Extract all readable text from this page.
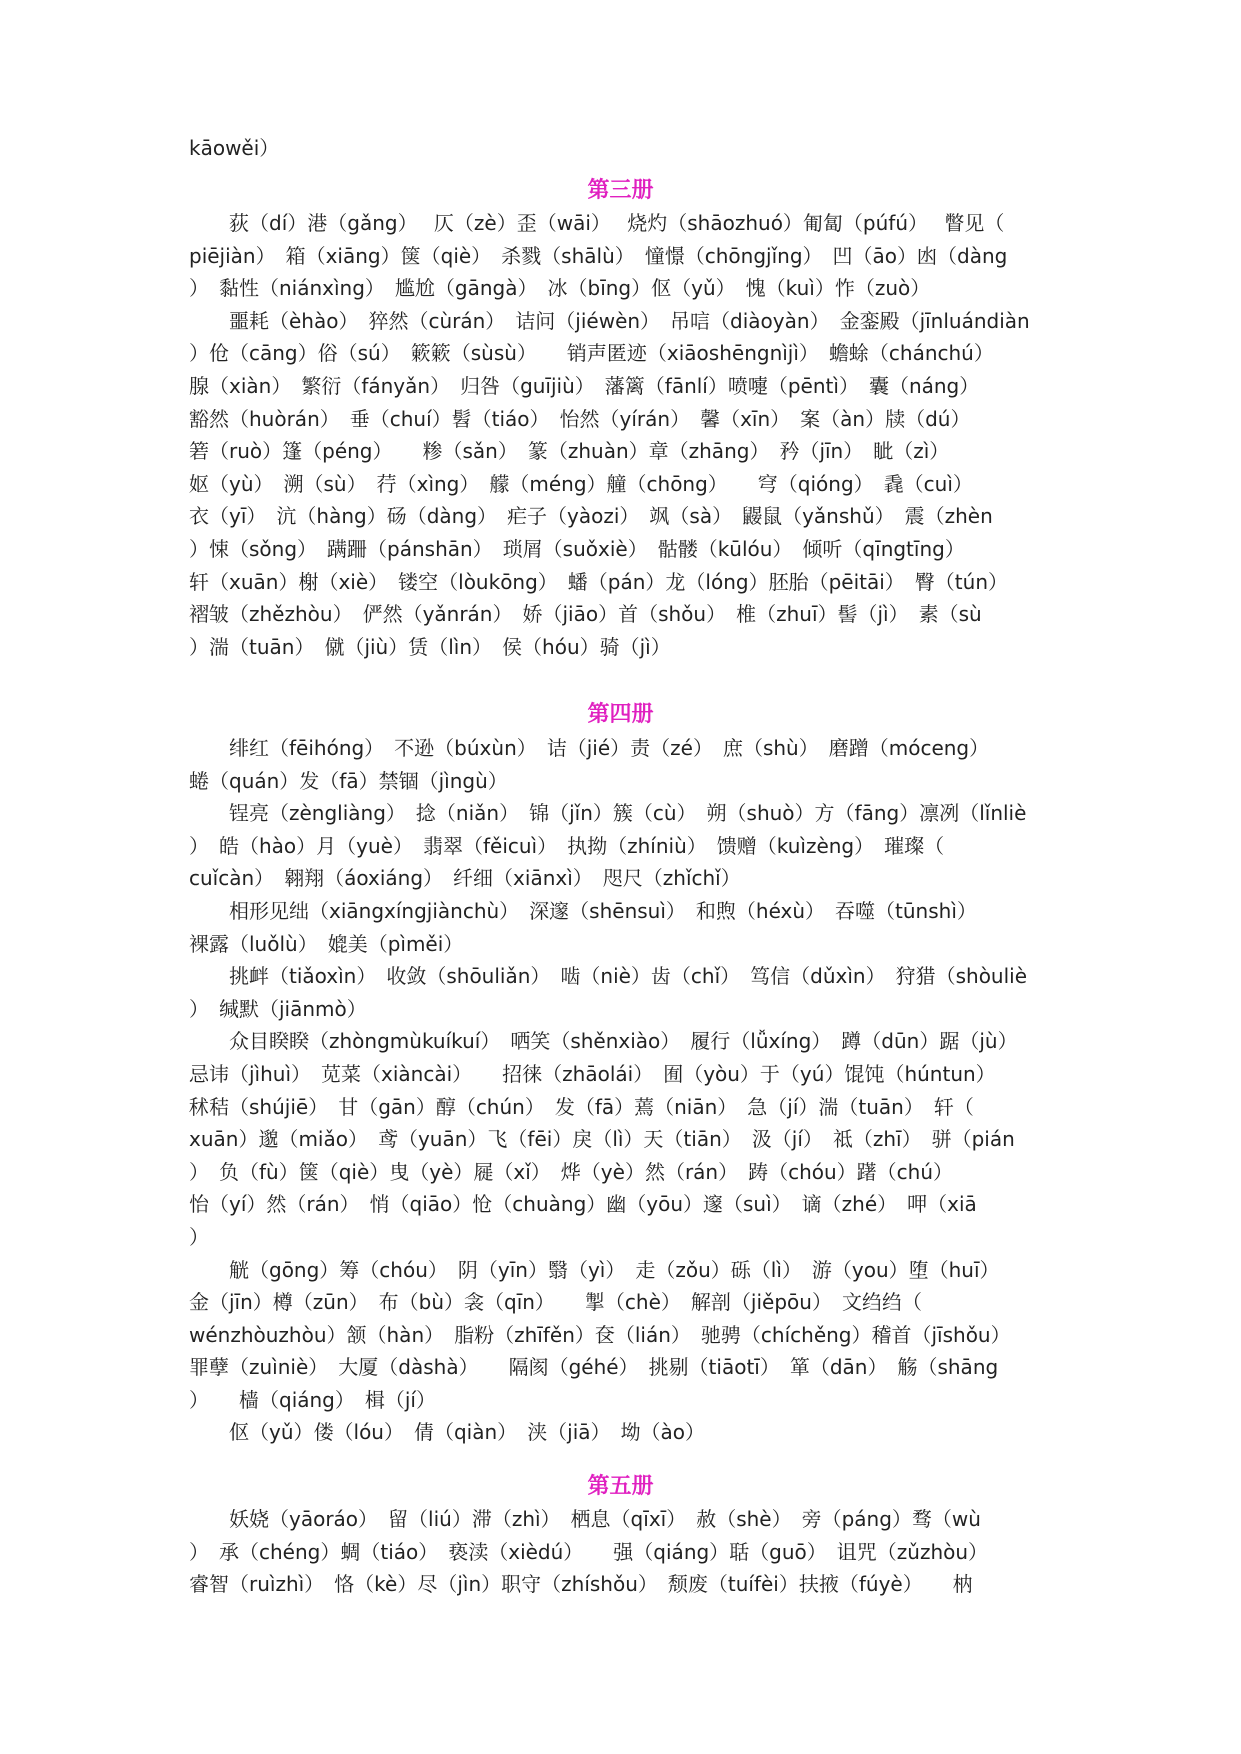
kāowěi）
第三册
　　荻（dí）港（gǎng）　 仄（zè）歪（wāi）　 烧灼（shāozhuó）匍匐（púfú）　 瞥见（
piējiàn）　箱（xiāng）箧（qiè）　杀戮（shālù）　憧憬（chōngjǐng）　凹（āo）凼（dàng
）　黏性（niánxìng）　尴尬（gāngà）　冰（bīng）伛（yǔ）　愧（kuì）怍（zuò）
　　噩耗（èhào）　猝然（cùrán）　诘问（jiéwèn）　吊唁（diàoyàn）　金銮殿（jīnluándiàn
）伧（cāng）俗（sú）　簌簌（sùsù）　　销声匿迹（xiāoshēngnìjì）　蟾蜍（chánchú）
腺（xiàn）　繁衍（fányǎn）　归咎（guījiù）　藩篱（fānlí）喷嚏（pēntì）　囊（náng）
豁然（huòrán）　垂（chuí）髫（tiáo）　怡然（yírán）　馨（xīn）　案（àn）牍（dú）
箬（ruò）篷（péng）　　糁（sǎn）　篆（zhuàn）章（zhāng）　矜（jīn）　眦（zì）
妪（yù）　溯（sù）　荇（xìng）　艨（méng）艟（chōng）　　穹（qióng）　毳（cuì）
衣（yī）　沆（hàng）砀（dàng）　疟子（yàozi）　飒（sà）　鼹鼠（yǎnshǔ）　震（zhèn
）悚（sǒng）　蹒跚（pánshān）　琐屑（suǒxiè）　骷髅（kūlóu）　倾听（qīngtīng）
轩（xuān）榭（xiè）　镂空（lòukōng）　蟠（pán）龙（lóng）胚胎（pēitāi）　臀（tún）
褶皱（zhězhòu）　俨然（yǎnrán）　娇（jiāo）首（shǒu）　椎（zhuī）髻（jì）　素（sù
）湍（tuān）　僦（jiù）赁（lìn）　侯（hóu）骑（jì）
第四册
　　绯红（fēihóng）　不逊（búxùn）　诘（jié）责（zé）　庶（shù）　磨蹭（móceng）
蜷（quán）发（fā）禁锢（jìngù）
　　锃亮（zèngliàng）　捻（niǎn）　锦（jǐn）簇（cù）　朔（shuò）方（fāng）凛冽（lǐnliè
）　皓（hào）月（yuè）　翡翠（fěicuì）　执拗（zhíniù）　馈赠（kuìzèng）　璀璨（
cuǐcàn）　翱翔（áoxiáng）　纤细（xiānxì）　咫尺（zhǐchǐ）
　　相形见绌（xiāngxíngjiànchù）　深邃（shēnsuì）　和煦（héxù）　吞噬（tūnshì）
裸露（luǒlù）　媲美（pìměi）
　　挑衅（tiǎoxìn）　收敛（shōuliǎn）　啮（niè）齿（chǐ）　笃信（dǔxìn）　狩猎（shòuliè
）　缄默（jiānmò）
　　众目睽睽（zhòngmùkuíkuí）　哂笑（shěnxiào）　履行（lǚxíng）　蹲（dūn）踞（jù）
忌讳（jìhuì）　苋菜（xiàncài）　　招徕（zhāolái）　囿（yòu）于（yú）馄饨（húntun）
秫秸（shújiē）　甘（gān）醇（chún）　发（fā）蔫（niān）　急（jí）湍（tuān）　轩（
xuān）邈（miǎo）　鸢（yuān）飞（fēi）戾（lì）天（tiān）　汲（jí）　祗（zhī）　骈（pián
）　负（fù）箧（qiè）曳（yè）屣（xǐ）　烨（yè）然（rán）　踌（chóu）躇（chú）
怡（yí）然（rán）　悄（qiāo）怆（chuàng）幽（yōu）邃（suì）　谪（zhé）　呷（xiā
）
　　觥（gōng）筹（chóu）　阴（yīn）翳（yì）　走（zǒu）砾（lì）　游（you）堕（huī）
金（jīn）樽（zūn）　布（bù）衾（qīn）　　掣（chè）　解剖（jiěpōu）　文绉绉（
wénzhòuzhòu）颔（hàn）　脂粉（zhīfěn）奁（lián）　驰骋（chíchěng）稽首（jīshǒu）
罪孽（zuìniè）　大厦（dàshà）　　隔阂（géhé）　挑剔（tiāotī）　箪（dān）　觞（shāng
）　　樯（qiáng）　楫（jí）
　　伛（yǔ）偻（lóu）　倩（qiàn）　浃（jiā）　坳（ào）
第五册
　　妖娆（yāoráo）　留（liú）滞（zhì）　栖息（qīxī）　赦（shè）　旁（páng）骛（wù
）　承（chéng）蜩（tiáo）　亵渎（xièdú）　　强（qiáng）聒（guō）　诅咒（zǔzhòu）
睿智（ruìzhì）　恪（kè）尽（jìn）职守（zhíshǒu）　颓废（tuífèi）扶掖（fúyè）　　枘
